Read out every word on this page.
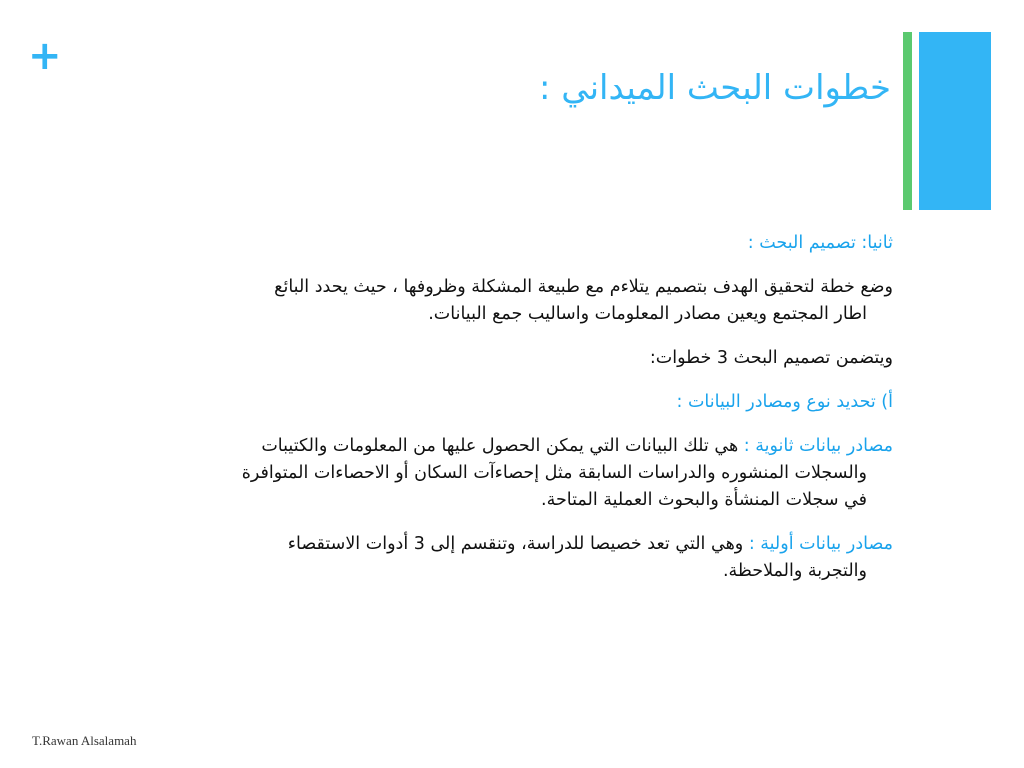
+
خطوات البحث الميداني :

ثانيا: تصميم البحث :

وضع خطة لتحقيق الهدف بتصميم يتلاءم مع طبيعة المشكلة وظروفها ، حيث يحدد البائع
اطار المجتمع ويعين مصادر المعلومات واساليب جمع البيانات.

ويتضمن تصميم البحث 3 خطوات:

أ) تحديد نوع ومصادر البيانات :

مصادر بيانات ثانوية : هي تلك البيانات التي يمكن الحصول عليها من المعلومات والكتيبات
والسجلات المنشوره والدراسات السابقة مثل إحصاءآت السكان أو الاحصاءات المتوافرة
في سجلات المنشأة والبحوث العملية المتاحة.

مصادر بيانات أولية : وهي التي تعد خصيصا للدراسة، وتنقسم إلى 3 أدوات الاستقصاء
والتجربة والملاحظة.

T.Rawan Alsalamah
